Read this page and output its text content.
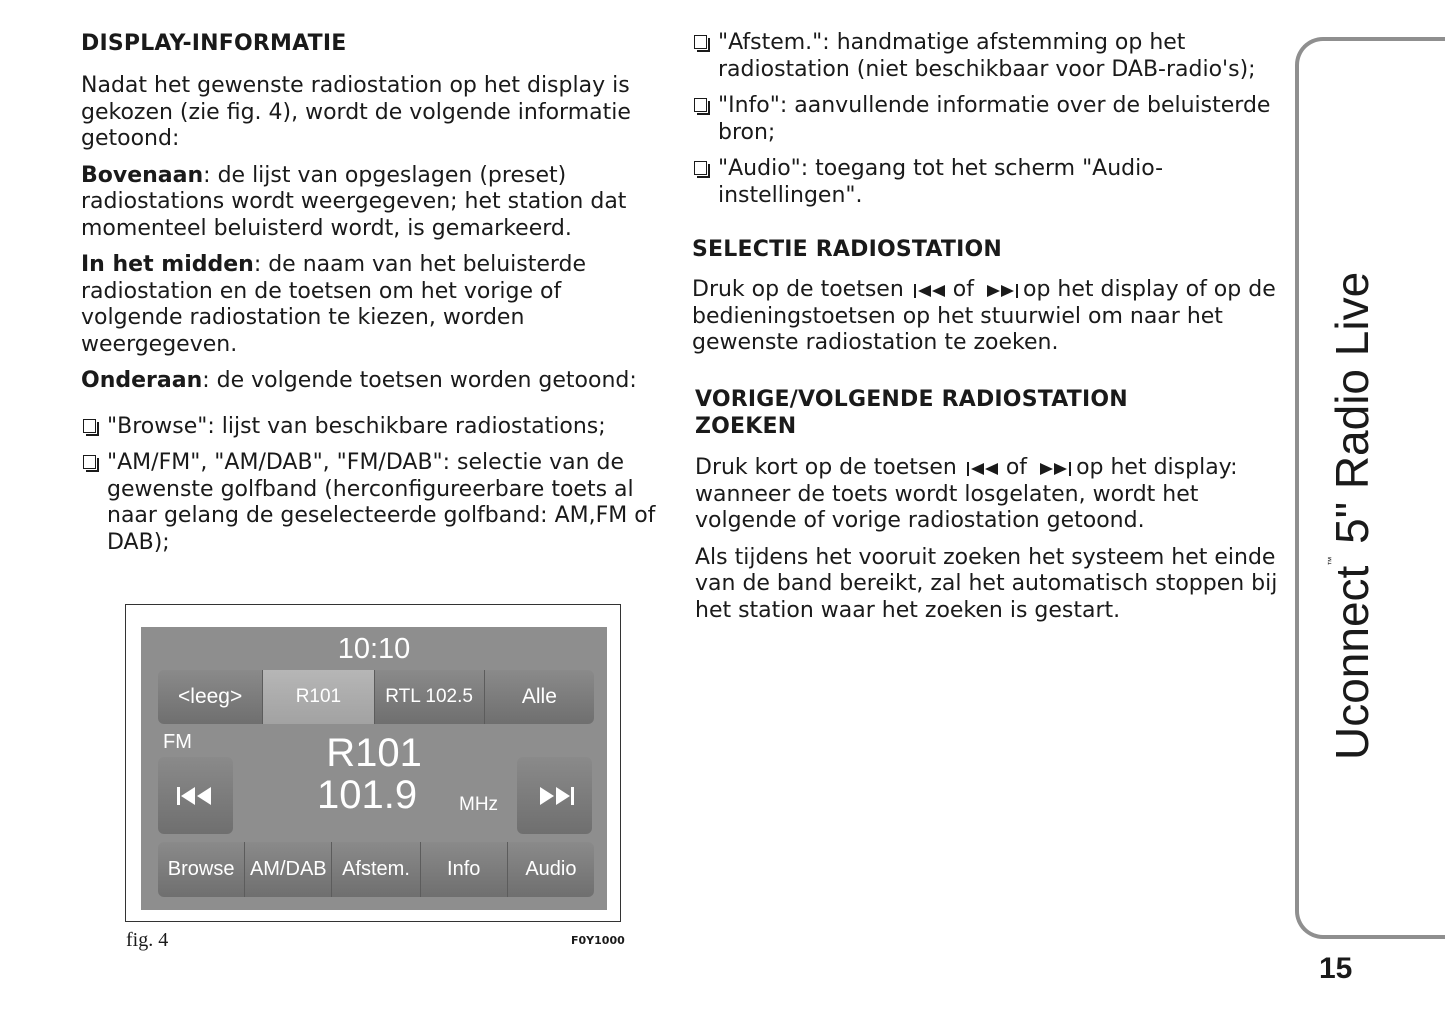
DISPLAY-INFORMATIE

Nadat het gewenste radiostation op het display is gekozen (zie fig. 4), wordt de volgende informatie getoond:

Bovenaan: de lijst van opgeslagen (preset) radiostations wordt weergegeven; het station dat momenteel beluisterd wordt, is gemarkeerd.

In het midden: de naam van het beluisterde radiostation en de toetsen om het vorige of volgende radiostation te kiezen, worden weergegeven.

Onderaan: de volgende toetsen worden getoond:

"Browse": lijst van beschikbare radiostations;
"AM/FM", "AM/DAB", "FM/DAB": selectie van de gewenste golfband (herconfigureerbare toets al naar gelang de geselecteerde golfband: AM,FM of DAB);
10:10
<leeg>	R101	RTL 102.5	Alle
FM	R101
101.9 MHz
Browse AM/DAB Afstem.	Info	Audio
fig. 4	F0Y1000
"Afstem.": handmatige afstemming op het radiostation (niet beschikbaar voor DAB-radio's);
"Info": aanvullende informatie over de beluisterde bron;
"Audio": toegang tot het scherm "Audio-instellingen".
SELECTIE RADIOSTATION

Druk op de toetsen of op het display of op de bedieningstoetsen op het stuurwiel om naar het gewenste radiostation te zoeken.

VORIGE/VOLGENDE RADIOSTATION
ZOEKEN

Druk kort op de toetsen of op het display: wanneer de toets wordt losgelaten, wordt het volgende of vorige radiostation getoond.

Als tijdens het vooruit zoeken het systeem het einde van de band bereikt, zal het automatisch stoppen bij het station waar het zoeken is gestart.	Uconnect™ 5" Radio Live
15
